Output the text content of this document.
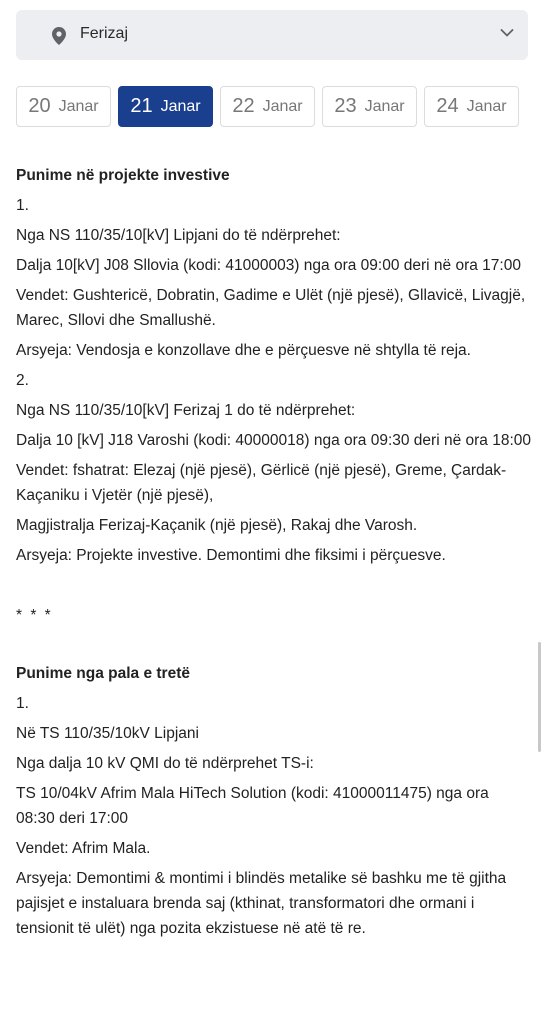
Ferizaj
20 Janar 21 Janar 22 Janar 23 Janar 24 Janar
Punime në projekte investive

1.

Nga NS 110/35/10[kV] Lipjani do të ndërprehet:

Dalja 10[kV] J08 Sllovia (kodi: 41000003) nga ora 09:00 deri në ora 17:00

Vendet: Gushtericë, Dobratin, Gadime e Ulët (një pjesë), Gllavicë, Livagjë, Marec, Sllovi dhe Smallushë.

Arsyeja: Vendosja e konzollave dhe e përçuesve në shtylla të reja.

2.

Nga NS 110/35/10[kV] Ferizaj 1 do të ndërprehet:

Dalja 10 [kV] J18 Varoshi (kodi: 40000018) nga ora 09:30 deri në ora 18:00

Vendet: fshatrat: Elezaj (një pjesë), Gërlicë (një pjesë), Greme, Çardak-Kaçaniku i Vjetër (një pjesë),

Magjistralja Ferizaj-Kaçanik (një pjesë), Rakaj dhe Varosh.

Arsyeja: Projekte investive. Demontimi dhe fiksimi i përçuesve.

* * *

Punime nga pala e tretë

1.

Në TS 110/35/10kV Lipjani

Nga dalja 10 kV QMI do të ndërprehet TS-i:

TS 10/04kV Afrim Mala HiTech Solution (kodi: 41000011475) nga ora 08:30 deri 17:00

Vendet: Afrim Mala.

Arsyeja: Demontimi & montimi i blindës metalike së bashku me të gjitha pajisjet e instaluara brenda saj (kthinat, transformatori dhe ormani i tensionit të ulët) nga pozita ekzistuese në atë të re.
